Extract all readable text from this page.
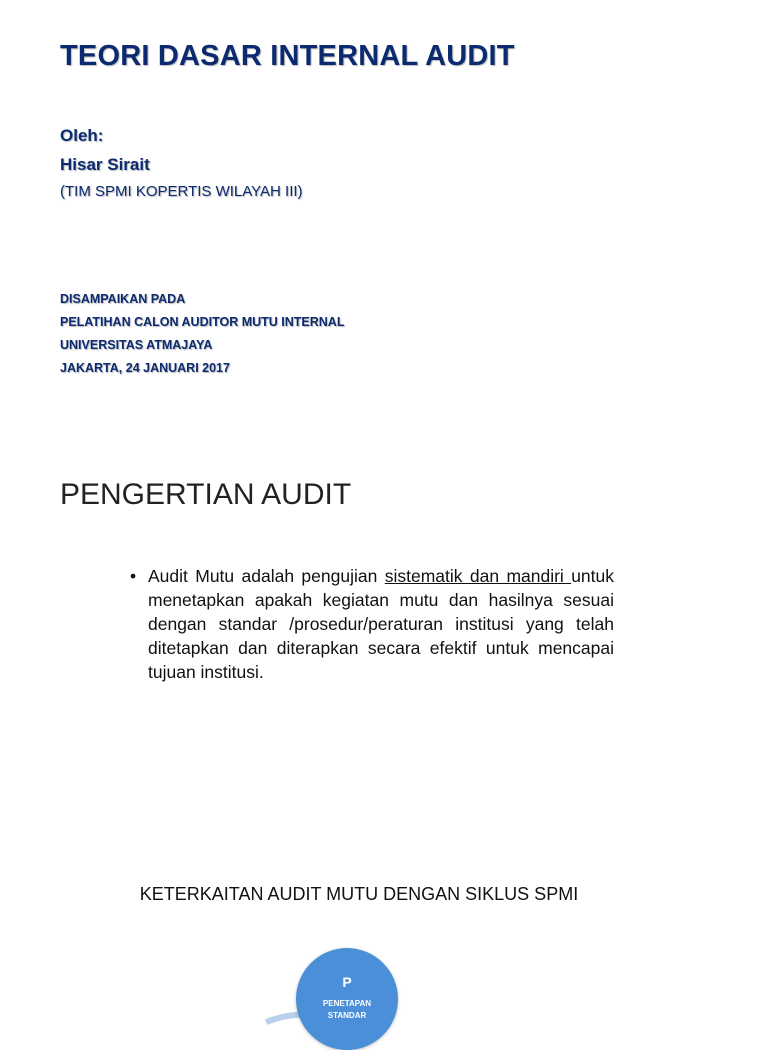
TEORI DASAR INTERNAL AUDIT
Oleh:
Hisar Sirait
(TIM SPMI KOPERTIS WILAYAH III)
DISAMPAIKAN PADA
PELATIHAN CALON AUDITOR MUTU INTERNAL
UNIVERSITAS ATMAJAYA
JAKARTA, 24 JANUARI 2017
PENGERTIAN AUDIT
• Audit Mutu adalah pengujian sistematik dan mandiri untuk menetapkan apakah kegiatan mutu dan hasilnya sesuai dengan standar /prosedur/peraturan institusi yang telah ditetapkan dan diterapkan secara efektif untuk mencapai tujuan institusi.
KETERKAITAN AUDIT MUTU DENGAN SIKLUS SPMI
P
PENETAPAN STANDAR
